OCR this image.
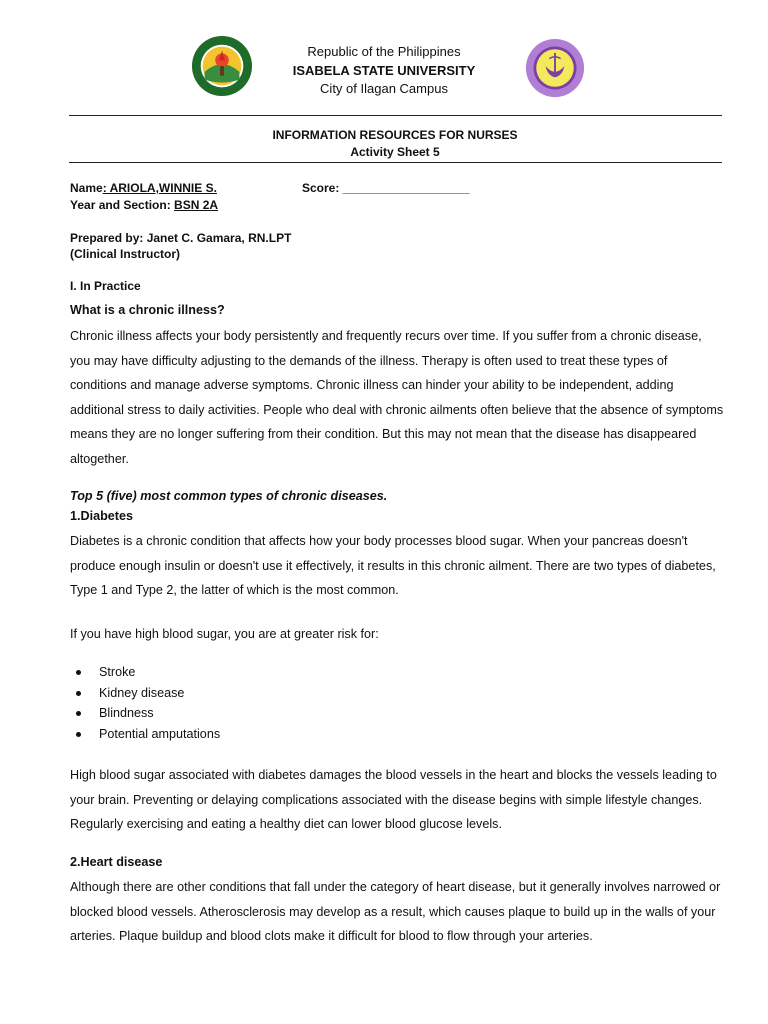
Republic of the Philippines
ISABELA STATE UNIVERSITY
City of Ilagan Campus
INFORMATION RESOURCES FOR NURSES
Activity Sheet 5
Name: ARIOLA,WINNIE S.	Score: ___________________
Year and Section: BSN 2A
Prepared by: Janet C. Gamara, RN.LPT
(Clinical Instructor)
I. In Practice
What is a chronic illness?
Chronic illness affects your body persistently and frequently recurs over time. If you suffer from a chronic disease, you may have difficulty adjusting to the demands of the illness. Therapy is often used to treat these types of conditions and manage adverse symptoms. Chronic illness can hinder your ability to be independent, adding additional stress to daily activities. People who deal with chronic ailments often believe that the absence of symptoms means they are no longer suffering from their condition. But this may not mean that the disease has disappeared altogether.
Top 5 (five) most common types of chronic diseases.
1.Diabetes
Diabetes is a chronic condition that affects how your body processes blood sugar. When your pancreas doesn't produce enough insulin or doesn't use it effectively, it results in this chronic ailment. There are two types of diabetes, Type 1 and Type 2, the latter of which is the most common.
If you have high blood sugar, you are at greater risk for:
Stroke
Kidney disease
Blindness
Potential amputations
High blood sugar associated with diabetes damages the blood vessels in the heart and blocks the vessels leading to your brain. Preventing or delaying complications associated with the disease begins with simple lifestyle changes. Regularly exercising and eating a healthy diet can lower blood glucose levels.
2.Heart disease
Although there are other conditions that fall under the category of heart disease, but it generally involves narrowed or blocked blood vessels. Atherosclerosis may develop as a result, which causes plaque to build up in the walls of your arteries. Plaque buildup and blood clots make it difficult for blood to flow through your arteries.
